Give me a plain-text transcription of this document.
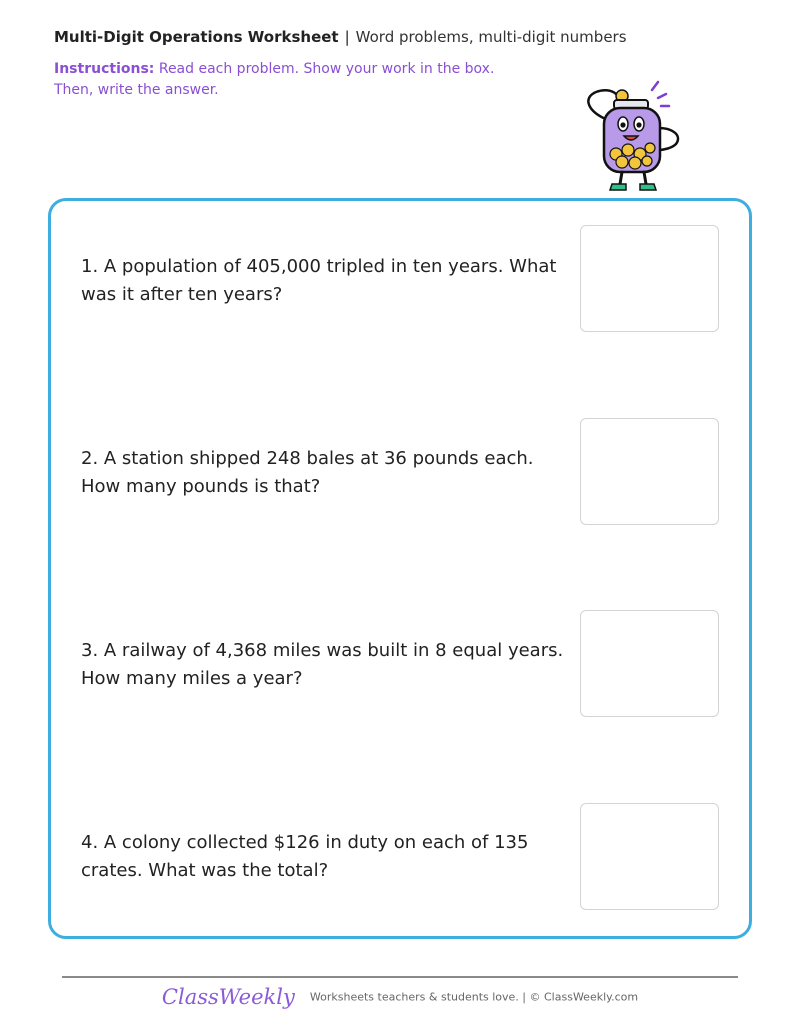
Multi-Digit Operations Worksheet | Word problems, multi-digit numbers
Instructions: Read each problem. Show your work in the box. Then, write the answer.
1. A population of 405,000 tripled in ten years. What was it after ten years?
2. A station shipped 248 bales at 36 pounds each. How many pounds is that?
3. A railway of 4,368 miles was built in 8 equal years. How many miles a year?
4. A colony collected $126 in duty on each of 135 crates. What was the total?
ClassWeekly Worksheets teachers & students love. | © ClassWeekly.com
